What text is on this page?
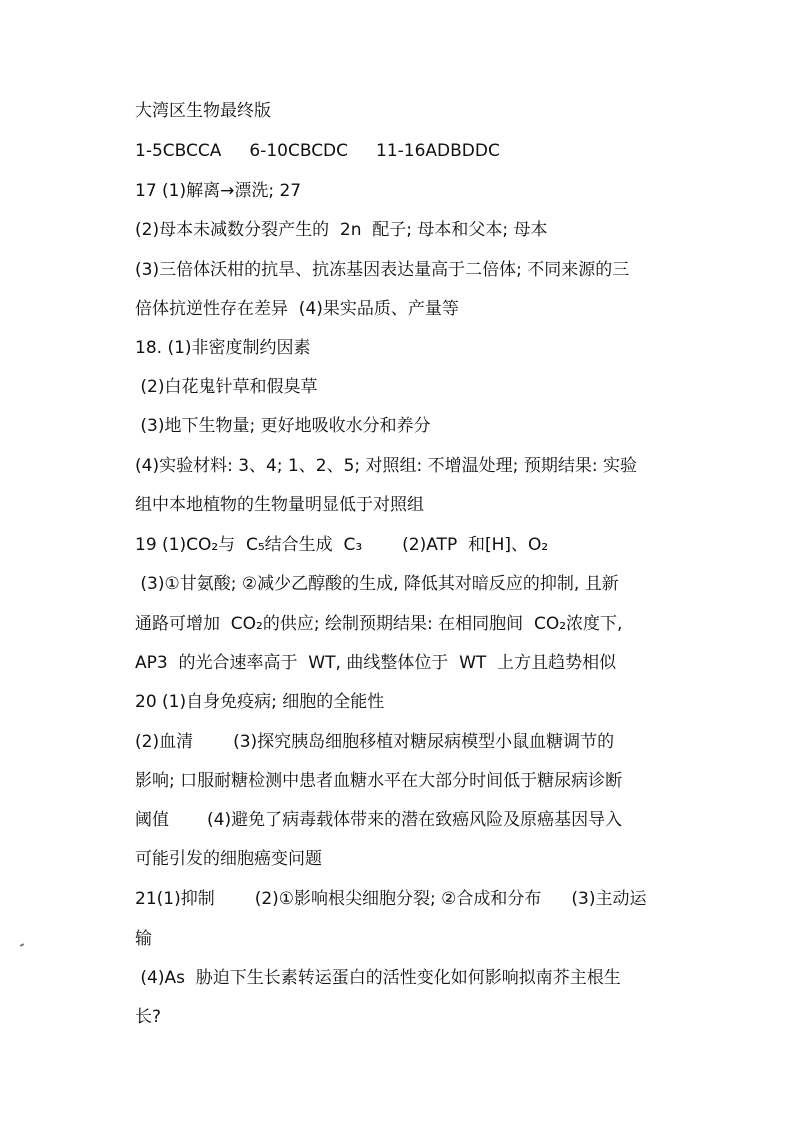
大湾区生物最终版
1-5CBCCA 6-10CBCDC 11-16ADBDDC
17 (1)解离→漂洗; 27
(2)母本未减数分裂产生的  2n  配子; 母本和父本; 母本
(3)三倍体沃柑的抗旱、抗冻基因表达量高于二倍体; 不同来源的三
倍体抗逆性存在差异  (4)果实品质、产量等
18. (1)非密度制约因素
(2)白花鬼针草和假臭草
(3)地下生物量; 更好地吸收水分和养分
(4)实验材料: 3、4; 1、2、5; 对照组: 不增温处理; 预期结果: 实验
组中本地植物的生物量明显低于对照组
19 (1)CO₂与  C₅结合生成  C₃ (2)ATP  和[H]、O₂
(3)①甘氨酸; ②减少乙醇酸的生成, 降低其对暗反应的抑制, 且新
通路可增加  CO₂的供应; 绘制预期结果: 在相同胞间  CO₂浓度下,
AP3  的光合速率高于  WT, 曲线整体位于  WT  上方且趋势相似
20 (1)自身免疫病; 细胞的全能性
(2)血清 (3)探究胰岛细胞移植对糖尿病模型小鼠血糖调节的
影响; 口服耐糖检测中患者血糖水平在大部分时间低于糖尿病诊断
阈值 (4)避免了病毒载体带来的潜在致癌风险及原癌基因导入
可能引发的细胞癌变问题
21(1)抑制 (2)①影响根尖细胞分裂; ②合成和分布 (3)主动运
输
(4)As  胁迫下生长素转运蛋白的活性变化如何影响拟南芥主根生
长?
